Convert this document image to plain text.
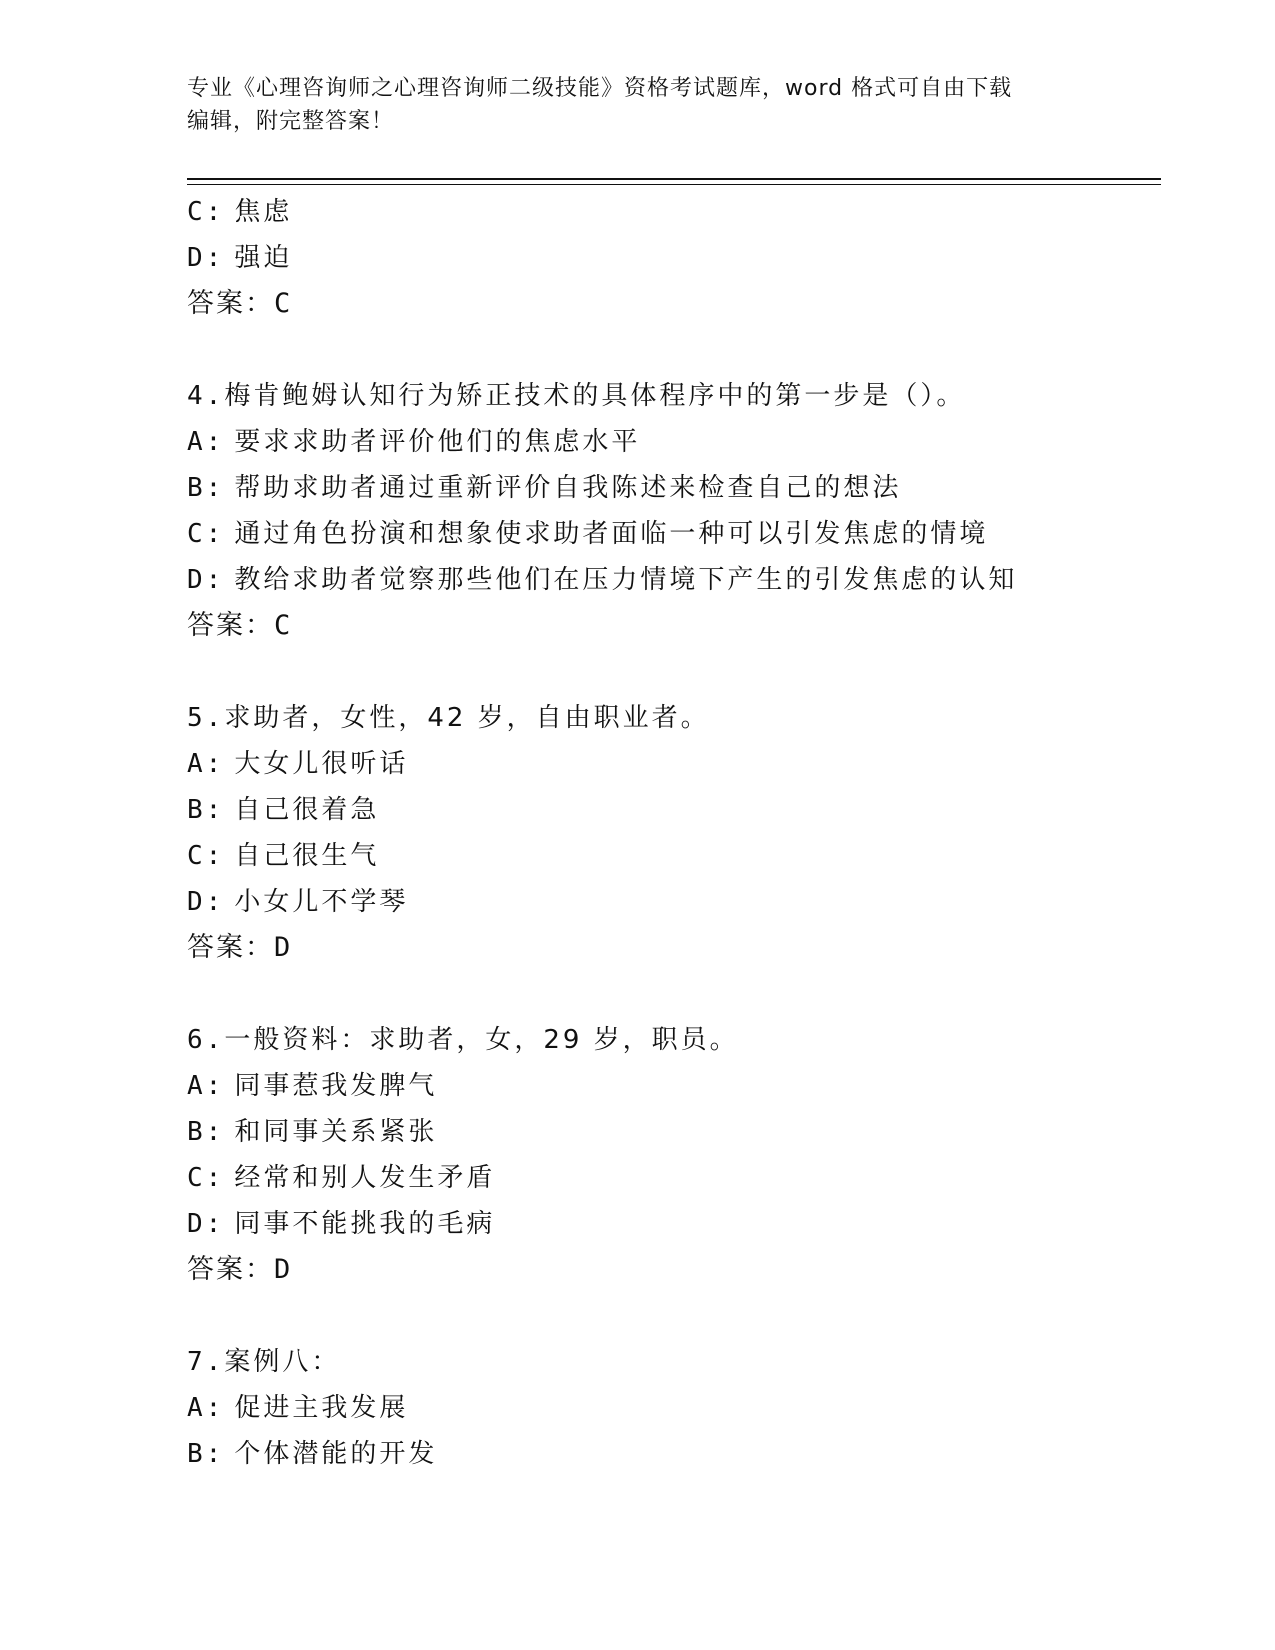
专业《心理咨询师之心理咨询师二级技能》资格考试题库，word 格式可自由下载
编辑，附完整答案！
C: 焦虑
D: 强迫
答案：C
4.梅肯鲍姆认知行为矫正技术的具体程序中的第一步是（）。
A: 要求求助者评价他们的焦虑水平
B: 帮助求助者通过重新评价自我陈述来检查自己的想法
C: 通过角色扮演和想象使求助者面临一种可以引发焦虑的情境
D: 教给求助者觉察那些他们在压力情境下产生的引发焦虑的认知
答案：C
5.求助者，女性，42 岁，自由职业者。
A: 大女儿很听话
B: 自己很着急
C: 自己很生气
D: 小女儿不学琴
答案：D
6.一般资料：求助者，女，29 岁，职员。
A: 同事惹我发脾气
B: 和同事关系紧张
C: 经常和别人发生矛盾
D: 同事不能挑我的毛病
答案：D
7.案例八：
A: 促进主我发展
B: 个体潜能的开发
